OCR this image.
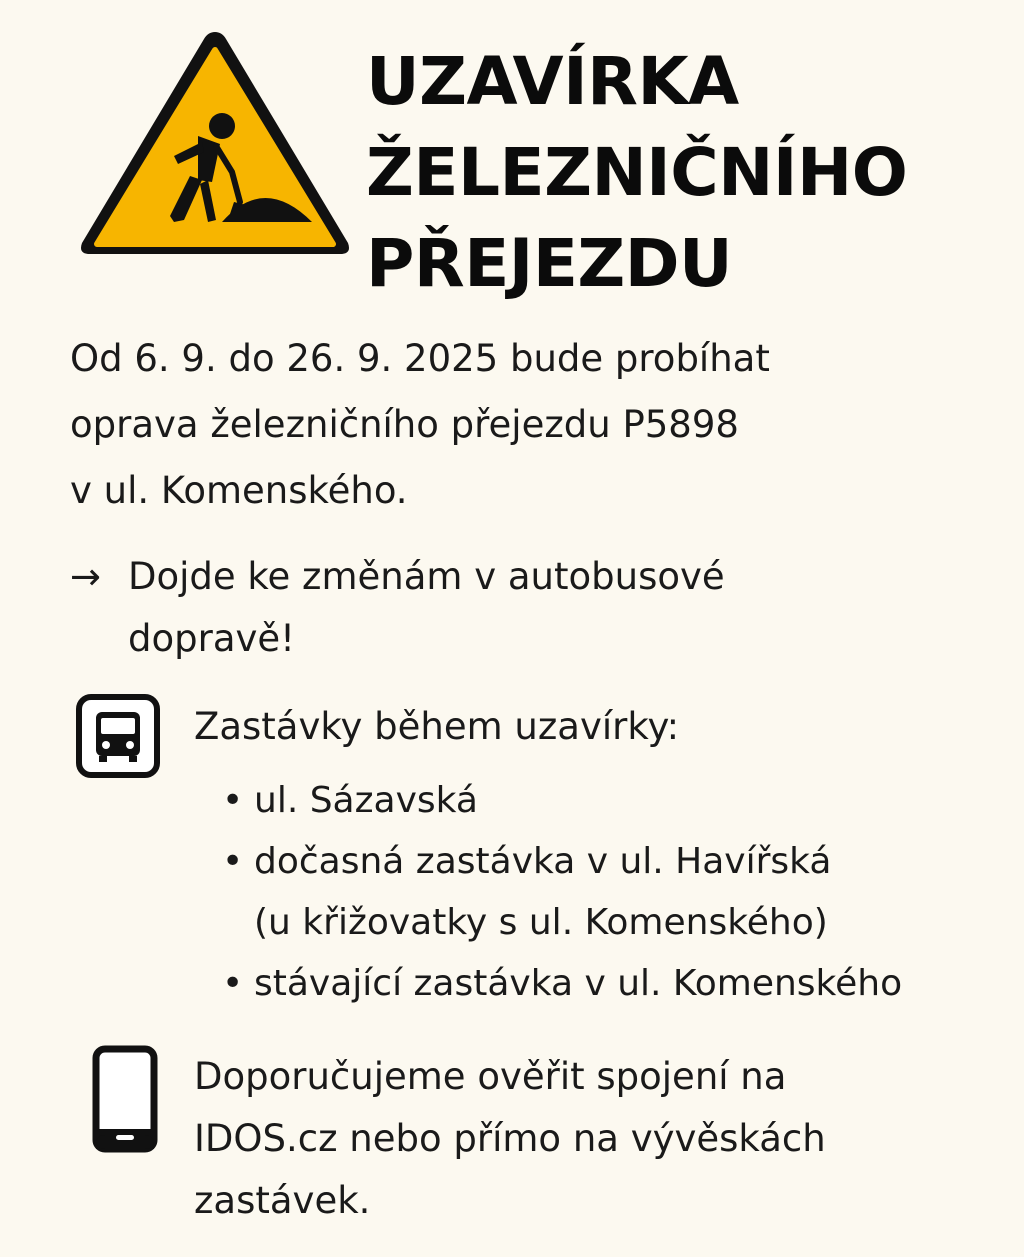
UZAVÍRKA
ŽELEZNIČNÍHO
PŘEJEZDU

Od 6. 9. do 26. 9. 2025 bude probíhat
oprava železničního přejezdu P5898
v ul. Komenského.

→ Dojde ke změnám v autobusové
dopravě!
Zastávky během uzavírky:
• ul. Sázavská
• dočasná zastávka v ul. Havířská
(u křižovatky s ul. Komenského)
• stávající zastávka v ul. Komenského

Doporučujeme ověřit spojení na
IDOS.cz nebo přímo na vývěskách
zastávek.
